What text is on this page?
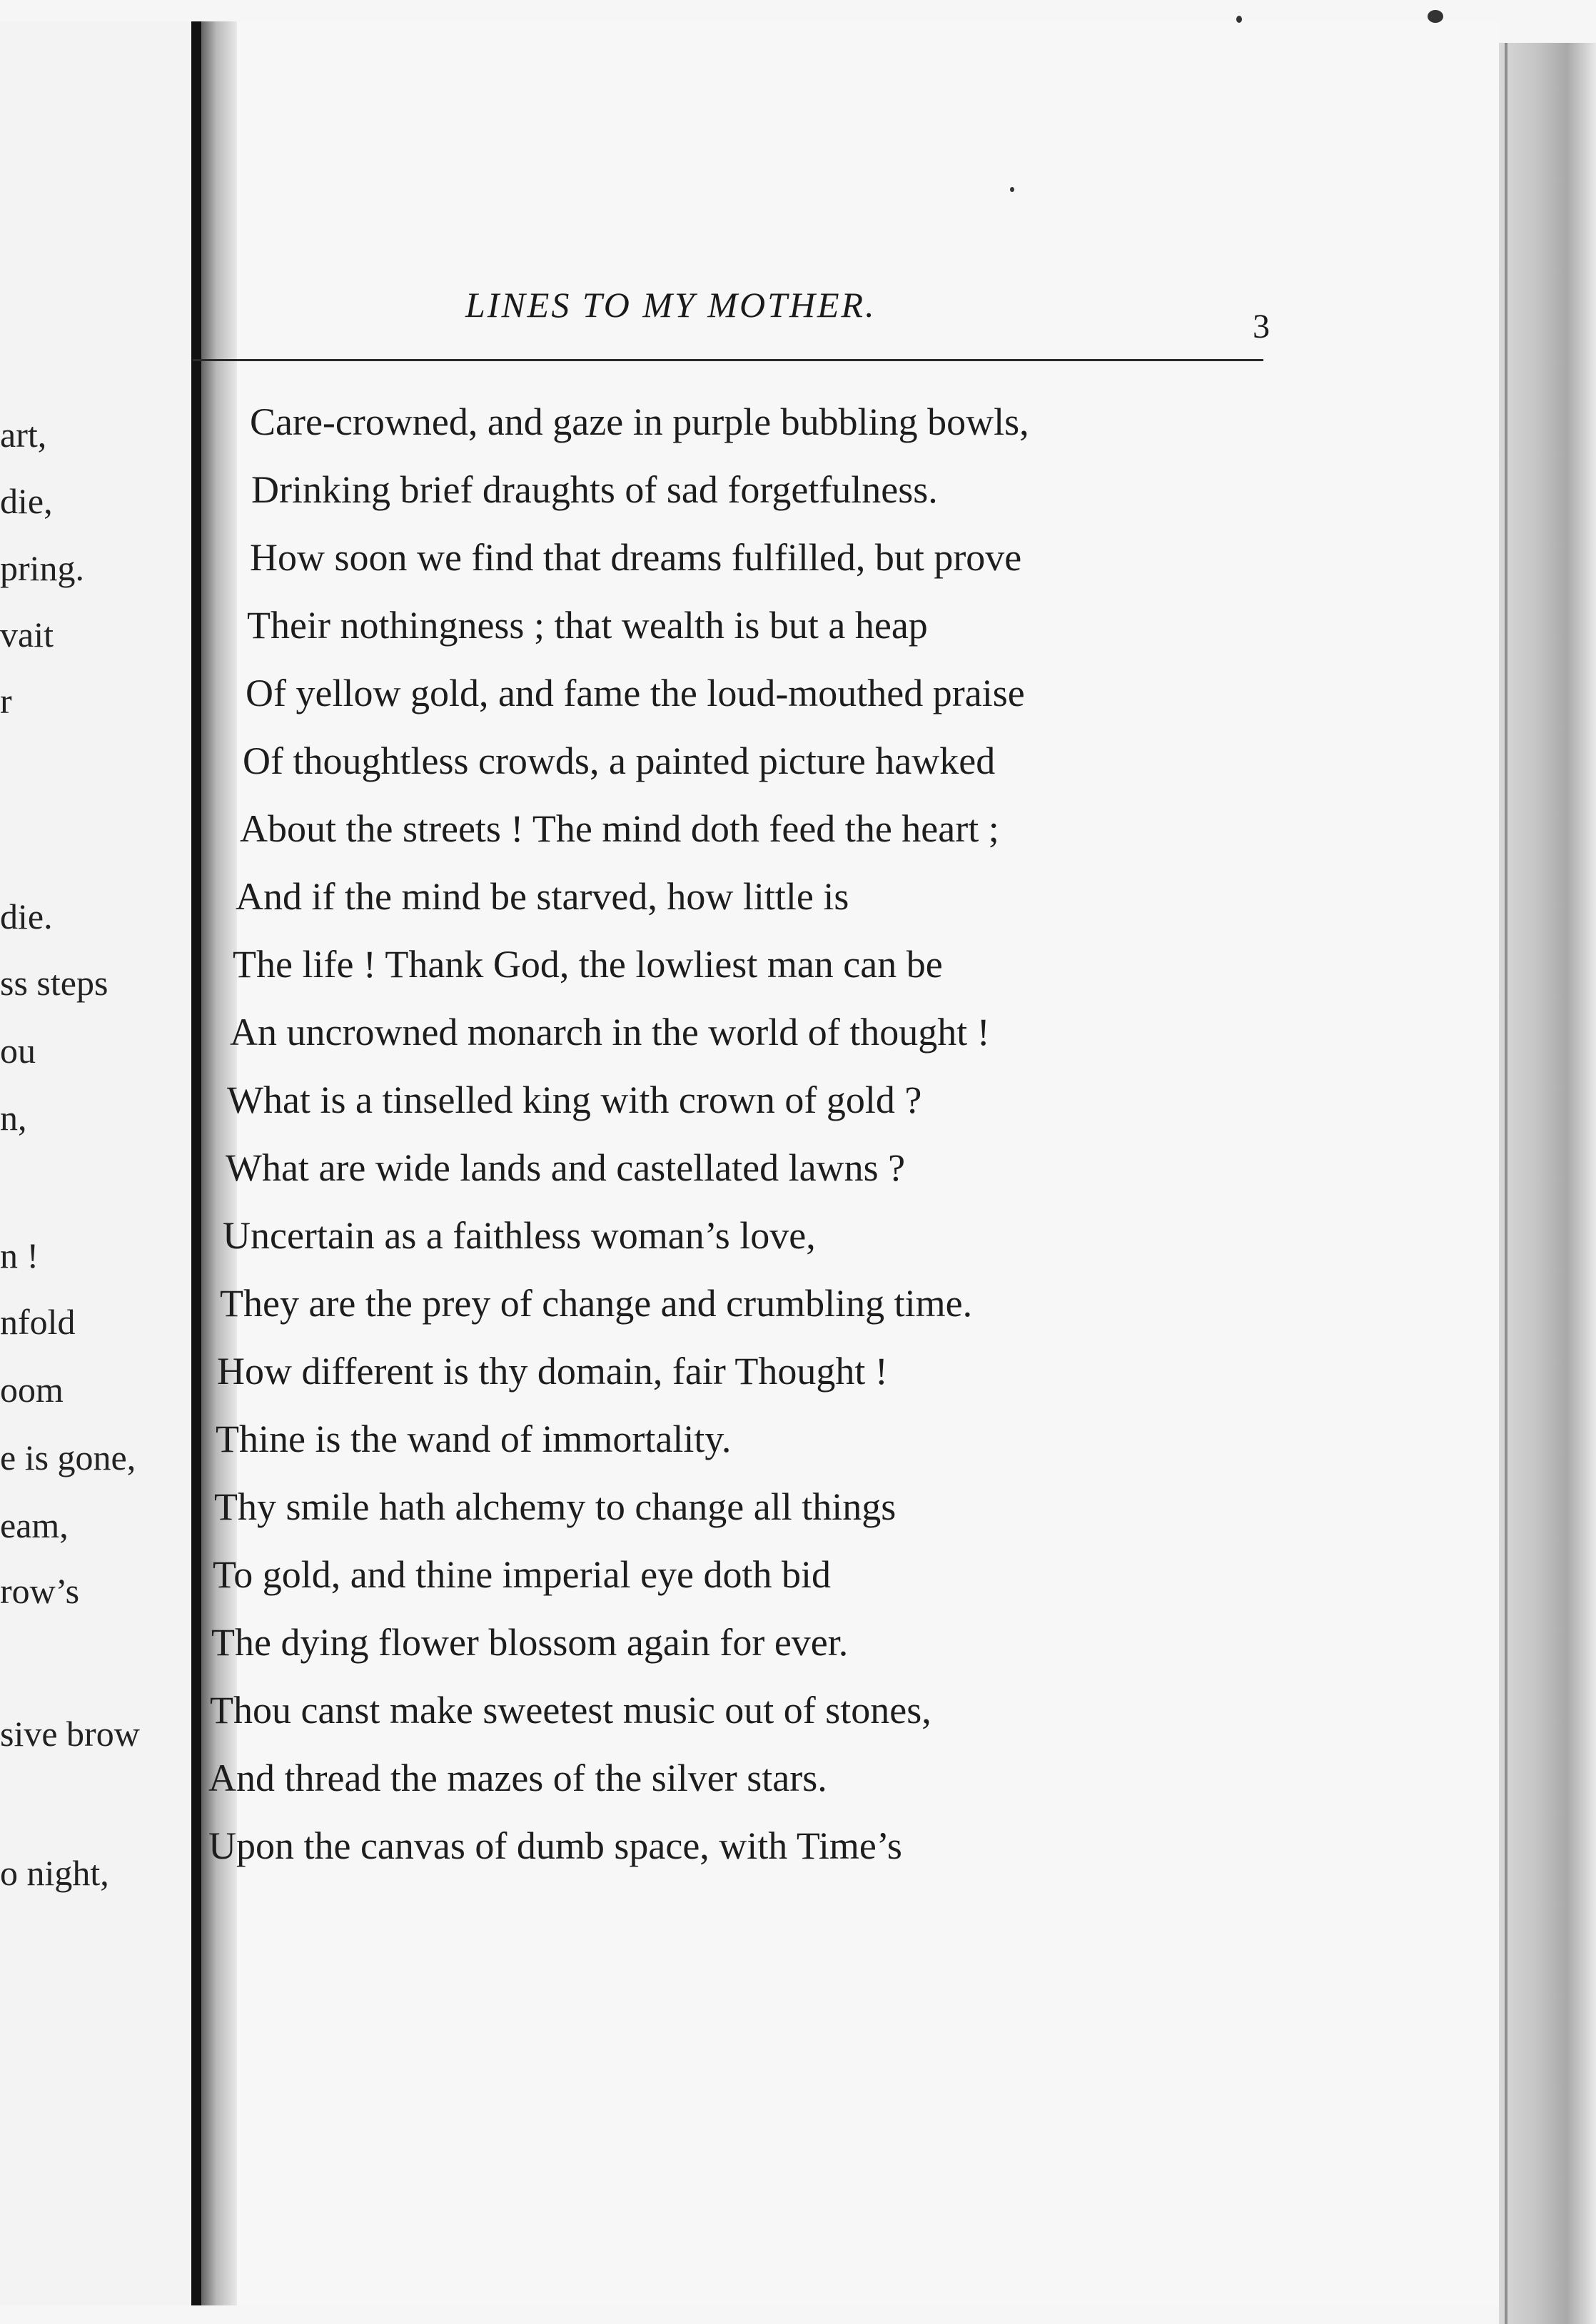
art,
die,
pring.
vait
r
die.
ss steps
ou
n,
n !
nfold
oom
e is gone,
eam,
row’s
sive brow
o night,
LINES TO MY MOTHER.
3
Care-crowned, and gaze in purple bubbling bowls,
Drinking brief draughts of sad forgetfulness.
How soon we find that dreams fulfilled, but prove
Their nothingness ; that wealth is but a heap
Of yellow gold, and fame the loud-mouthed praise
Of thoughtless crowds, a painted picture hawked
About the streets ! The mind doth feed the heart ;
And if the mind be starved, how little is
The life ! Thank God, the lowliest man can be
An uncrowned monarch in the world of thought !
What is a tinselled king with crown of gold ?
What are wide lands and castellated lawns ?
Uncertain as a faithless woman’s love,
They are the prey of change and crumbling time.
How different is thy domain, fair Thought !
Thine is the wand of immortality.
Thy smile hath alchemy to change all things
To gold, and thine imperial eye doth bid
The dying flower blossom again for ever.
Thou canst make sweetest music out of stones,
And thread the mazes of the silver stars.
Upon the canvas of dumb space, with Time’s
